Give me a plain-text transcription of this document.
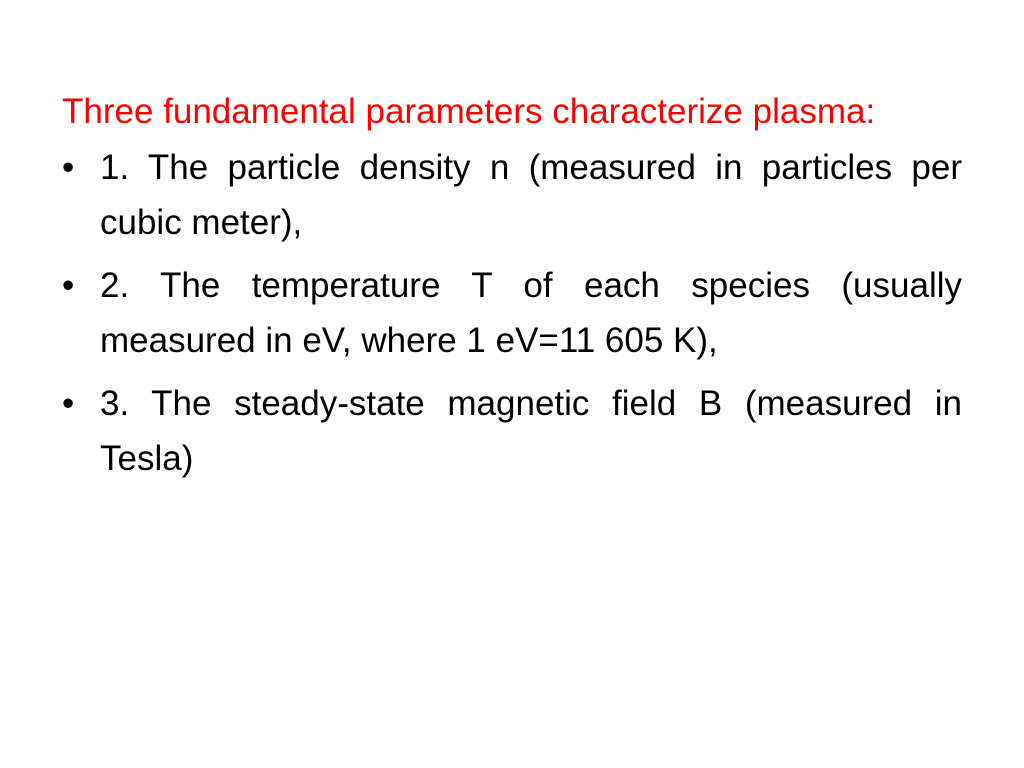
Three fundamental parameters characterize plasma:

• 1. The particle density n (measured in particles per cubic meter),
• 2. The temperature T of each species (usually measured in eV, where 1 eV=11 605 K),
• 3. The steady-state magnetic field B (measured in Tesla)
